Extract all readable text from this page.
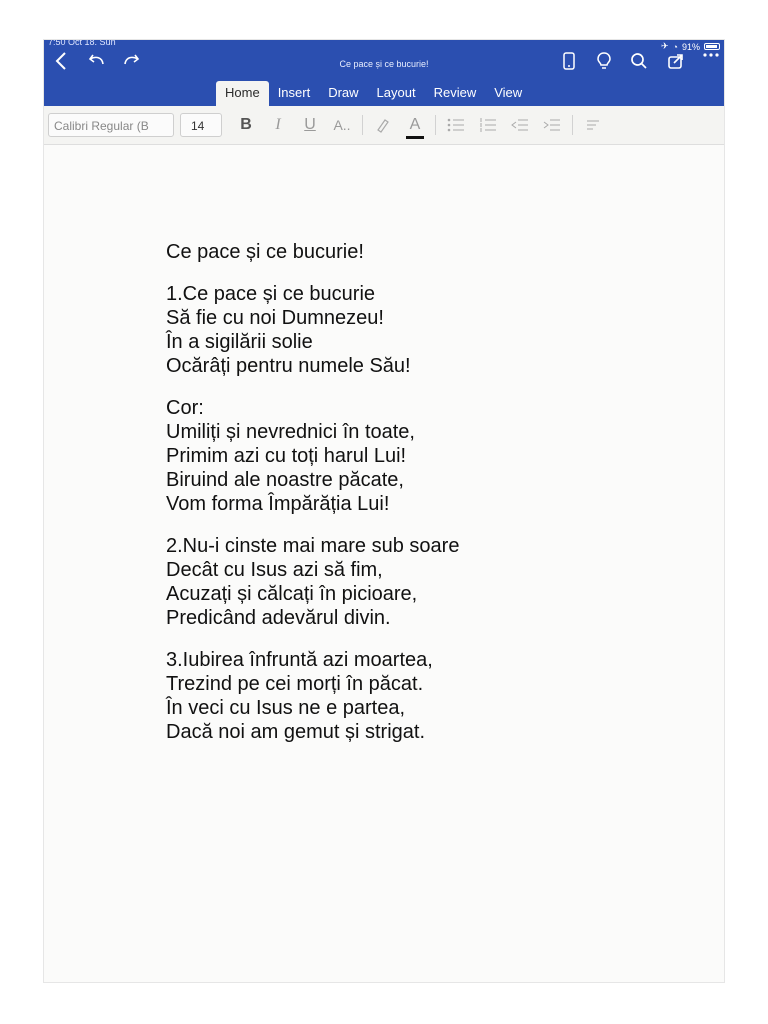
7:50 Oct 18. Sun	✈ ◔ 91%
Ce pace și ce bucurie!
Home	Insert	Draw	Layout	Review	View
Calibri Regular (B	14	B	I	U	A..	A
Ce pace și ce bucurie!
1.Ce pace și ce bucurie
Să fie cu noi Dumnezeu!
În a sigilării solie
Ocărâți pentru numele Său!
Cor:
Umiliți și nevrednici în toate,
Primim azi cu toți harul Lui!
Biruind ale noastre păcate,
Vom forma Împărăția Lui!
2.Nu-i cinste mai mare sub soare
Decât cu Isus azi să fim,
Acuzați și călcați în picioare,
Predicând adevărul divin.
3.Iubirea înfruntă azi moartea,
Trezind pe cei morți în păcat.
În veci cu Isus ne e partea,
Dacă noi am gemut și strigat.
